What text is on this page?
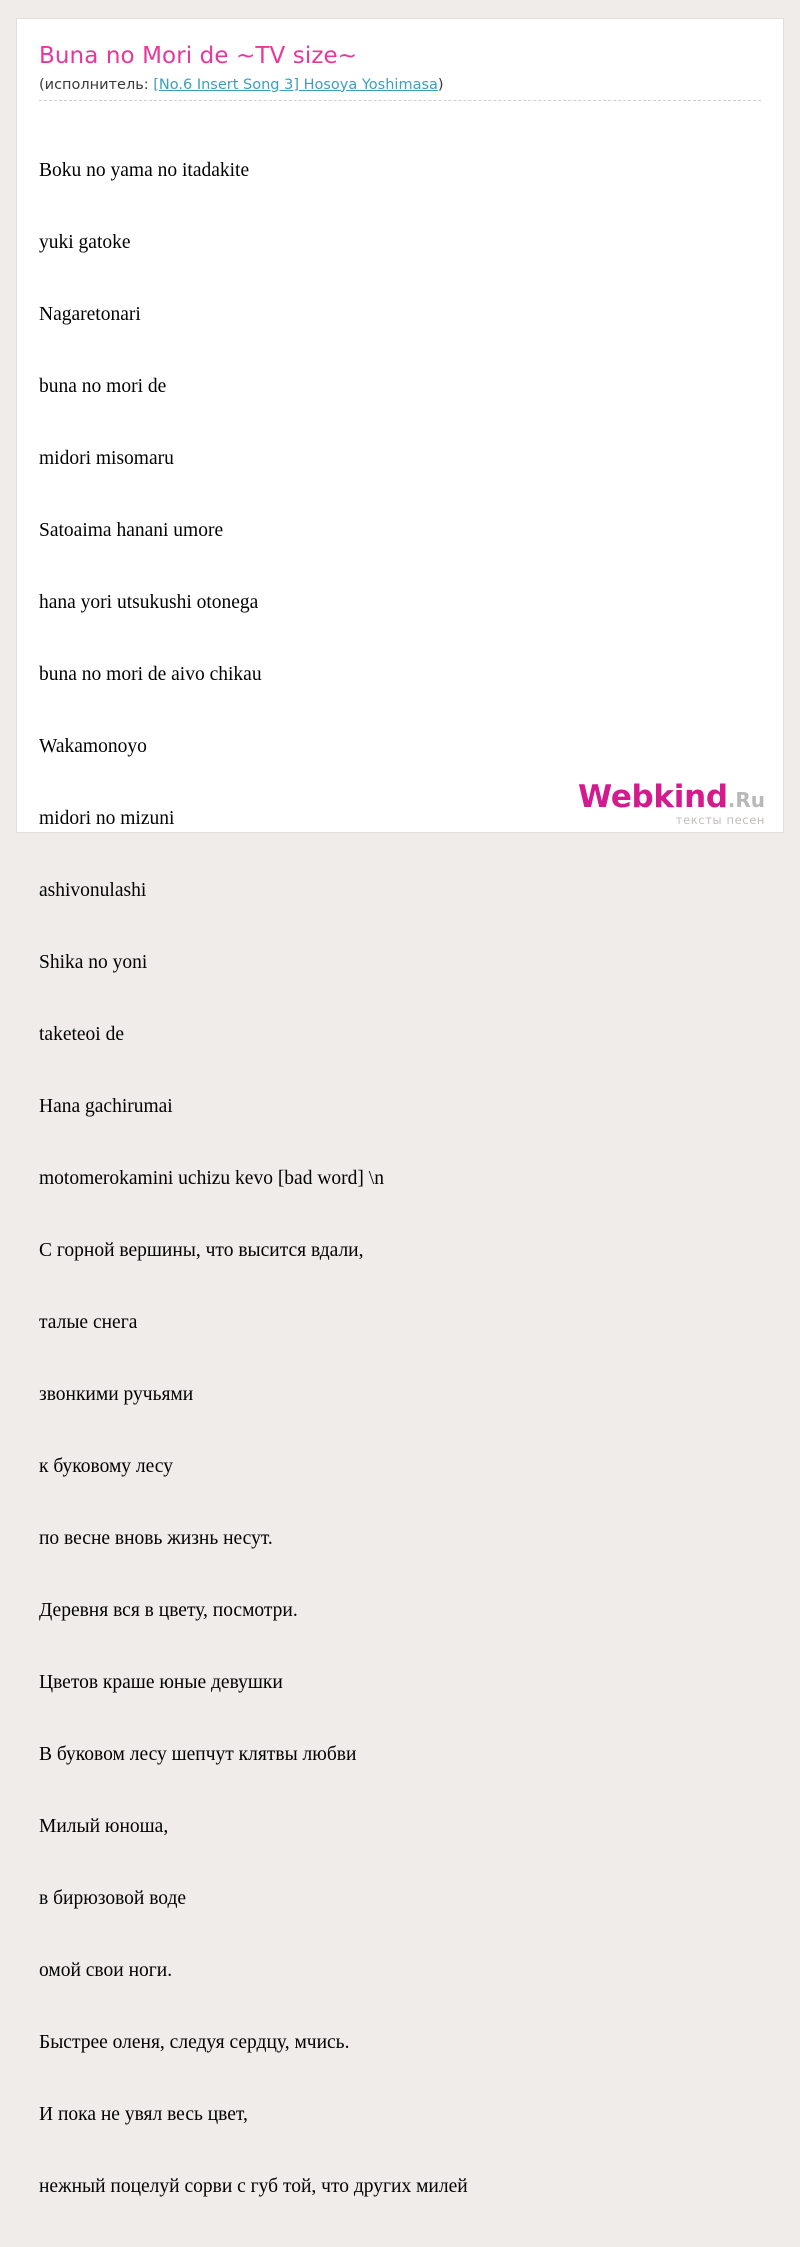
Buna no Mori de ~TV size~
(исполнитель: [No.6 Insert Song 3] Hosoya Yoshimasa)

Boku no yama no itadakite

yuki gatoke

Nagaretonari

buna no mori de

midori misomaru

Satoaima hanani umore

hana yori utsukushi otonega

buna no mori de aivo chikau

Wakamonoyo

midori no mizuni

ashivonulashi

Shika no yoni

taketeoi de

Hana gachirumai

motomerokamini uchizu kevo [bad word] \n

С горной вершины, что высится вдали,

талые снега

звонкими ручьями

к буковому лесу

по весне вновь жизнь несут.

Деревня вся в цвету, посмотри.

Цветов краше юные девушки

В буковом лесу шепчут клятвы любви

Милый юноша,

в бирюзовой воде

омой свои ноги.

Быстрее оленя, следуя сердцу, мчись.

И пока не увял весь цвет,

нежный поцелуй сорви с губ той, что других милей

Webkind.Ru
тексты песен
